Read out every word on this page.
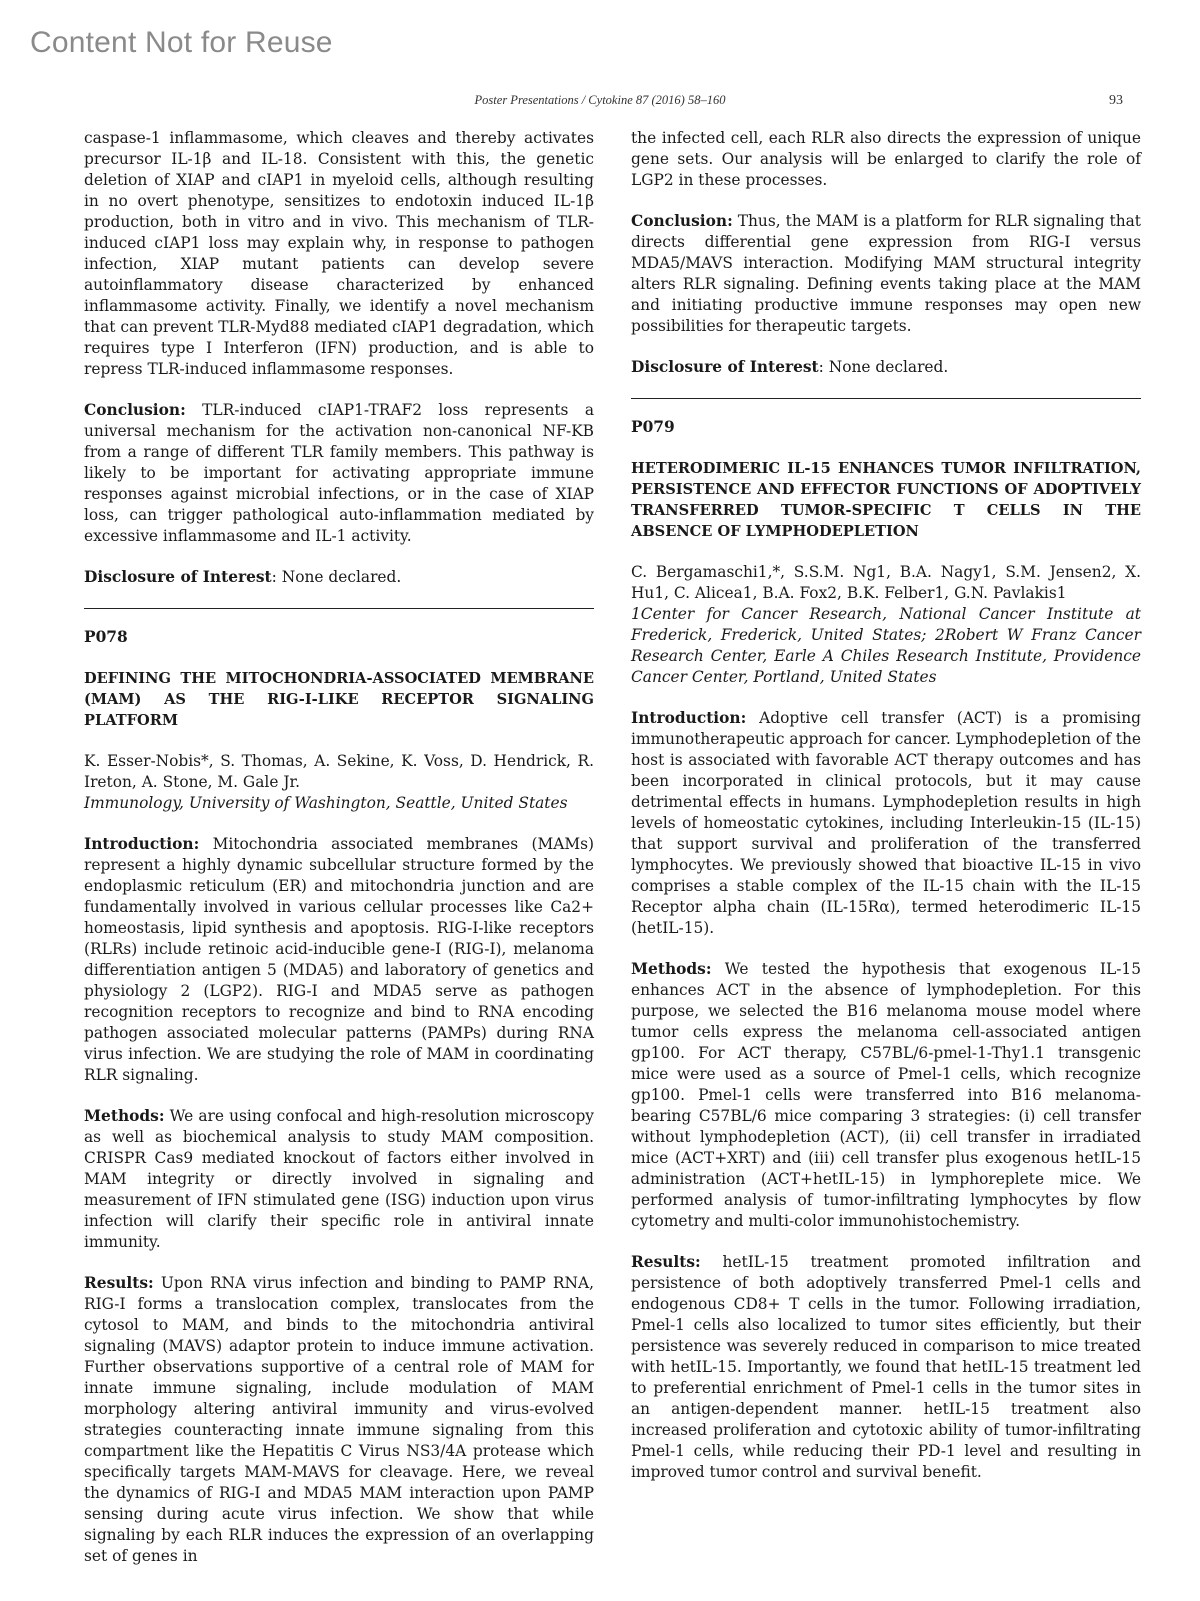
Content Not for Reuse
Poster Presentations / Cytokine 87 (2016) 58–160	93

caspase-1 inflammasome, which cleaves and thereby activates precursor IL-1β and IL-18. Consistent with this, the genetic deletion of XIAP and cIAP1 in myeloid cells, although resulting in no overt phenotype, sensitizes to endotoxin induced IL-1β production, both in vitro and in vivo. This mechanism of TLR-induced cIAP1 loss may explain why, in response to pathogen infection, XIAP mutant patients can develop severe autoinflammatory disease characterized by enhanced inflammasome activity. Finally, we identify a novel mechanism that can prevent TLR-Myd88 mediated cIAP1 degradation, which requires type I Interferon (IFN) production, and is able to repress TLR-induced inflammasome responses.

Conclusion: TLR-induced cIAP1-TRAF2 loss represents a universal mechanism for the activation non-canonical NF-KB from a range of different TLR family members. This pathway is likely to be important for activating appropriate immune responses against microbial infections, or in the case of XIAP loss, can trigger pathological auto-inflammation mediated by excessive inflammasome and IL-1 activity.

Disclosure of Interest: None declared.

P078
DEFINING THE MITOCHONDRIA-ASSOCIATED MEMBRANE (MAM) AS THE RIG-I-LIKE RECEPTOR SIGNALING PLATFORM

K. Esser-Nobis*, S. Thomas, A. Sekine, K. Voss, D. Hendrick, R. Ireton, A. Stone, M. Gale Jr.

Immunology, University of Washington, Seattle, United States

Introduction: Mitochondria associated membranes (MAMs) represent a highly dynamic subcellular structure formed by the endoplasmic reticulum (ER) and mitochondria junction and are fundamentally involved in various cellular processes like Ca2+ homeostasis, lipid synthesis and apoptosis. RIG-I-like receptors (RLRs) include retinoic acid-inducible gene-I (RIG-I), melanoma differentiation antigen 5 (MDA5) and laboratory of genetics and physiology 2 (LGP2). RIG-I and MDA5 serve as pathogen recognition receptors to recognize and bind to RNA encoding pathogen associated molecular patterns (PAMPs) during RNA virus infection. We are studying the role of MAM in coordinating RLR signaling.

Methods: We are using confocal and high-resolution microscopy as well as biochemical analysis to study MAM composition. CRISPR Cas9 mediated knockout of factors either involved in MAM integrity or directly involved in signaling and measurement of IFN stimulated gene (ISG) induction upon virus infection will clarify their specific role in antiviral innate immunity.

Results: Upon RNA virus infection and binding to PAMP RNA, RIG-I forms a translocation complex, translocates from the cytosol to MAM, and binds to the mitochondria antiviral signaling (MAVS) adaptor protein to induce immune activation. Further observations supportive of a central role of MAM for innate immune signaling, include modulation of MAM morphology altering antiviral immunity and virus-evolved strategies counteracting innate immune signaling from this compartment like the Hepatitis C Virus NS3/4A protease which specifically targets MAM-MAVS for cleavage. Here, we reveal the dynamics of RIG-I and MDA5 MAM interaction upon PAMP sensing during acute virus infection. We show that while signaling by each RLR induces the expression of an overlapping set of genes in

the infected cell, each RLR also directs the expression of unique gene sets. Our analysis will be enlarged to clarify the role of LGP2 in these processes.

Conclusion: Thus, the MAM is a platform for RLR signaling that directs differential gene expression from RIG-I versus MDA5/MAVS interaction. Modifying MAM structural integrity alters RLR signaling. Defining events taking place at the MAM and initiating productive immune responses may open new possibilities for therapeutic targets.

Disclosure of Interest: None declared.

P079
HETERODIMERIC IL-15 ENHANCES TUMOR INFILTRATION, PERSISTENCE AND EFFECTOR FUNCTIONS OF ADOPTIVELY TRANSFERRED TUMOR-SPECIFIC T CELLS IN THE ABSENCE OF LYMPHODEPLETION

C. Bergamaschi1,*, S.S.M. Ng1, B.A. Nagy1, S.M. Jensen2, X. Hu1, C. Alicea1, B.A. Fox2, B.K. Felber1, G.N. Pavlakis1

1Center for Cancer Research, National Cancer Institute at Frederick, Frederick, United States; 2Robert W Franz Cancer Research Center, Earle A Chiles Research Institute, Providence Cancer Center, Portland, United States

Introduction: Adoptive cell transfer (ACT) is a promising immunotherapeutic approach for cancer. Lymphodepletion of the host is associated with favorable ACT therapy outcomes and has been incorporated in clinical protocols, but it may cause detrimental effects in humans. Lymphodepletion results in high levels of homeostatic cytokines, including Interleukin-15 (IL-15) that support survival and proliferation of the transferred lymphocytes. We previously showed that bioactive IL-15 in vivo comprises a stable complex of the IL-15 chain with the IL-15 Receptor alpha chain (IL-15Rα), termed heterodimeric IL-15 (hetIL-15).

Methods: We tested the hypothesis that exogenous IL-15 enhances ACT in the absence of lymphodepletion. For this purpose, we selected the B16 melanoma mouse model where tumor cells express the melanoma cell-associated antigen gp100. For ACT therapy, C57BL/6-pmel-1-Thy1.1 transgenic mice were used as a source of Pmel-1 cells, which recognize gp100. Pmel-1 cells were transferred into B16 melanoma-bearing C57BL/6 mice comparing 3 strategies: (i) cell transfer without lymphodepletion (ACT), (ii) cell transfer in irradiated mice (ACT+XRT) and (iii) cell transfer plus exogenous hetIL-15 administration (ACT+hetIL-15) in lymphoreplete mice. We performed analysis of tumor-infiltrating lymphocytes by flow cytometry and multi-color immunohistochemistry.

Results: hetIL-15 treatment promoted infiltration and persistence of both adoptively transferred Pmel-1 cells and endogenous CD8+ T cells in the tumor. Following irradiation, Pmel-1 cells also localized to tumor sites efficiently, but their persistence was severely reduced in comparison to mice treated with hetIL-15. Importantly, we found that hetIL-15 treatment led to preferential enrichment of Pmel-1 cells in the tumor sites in an antigen-dependent manner. hetIL-15 treatment also increased proliferation and cytotoxic ability of tumor-infiltrating Pmel-1 cells, while reducing their PD-1 level and resulting in improved tumor control and survival benefit.
